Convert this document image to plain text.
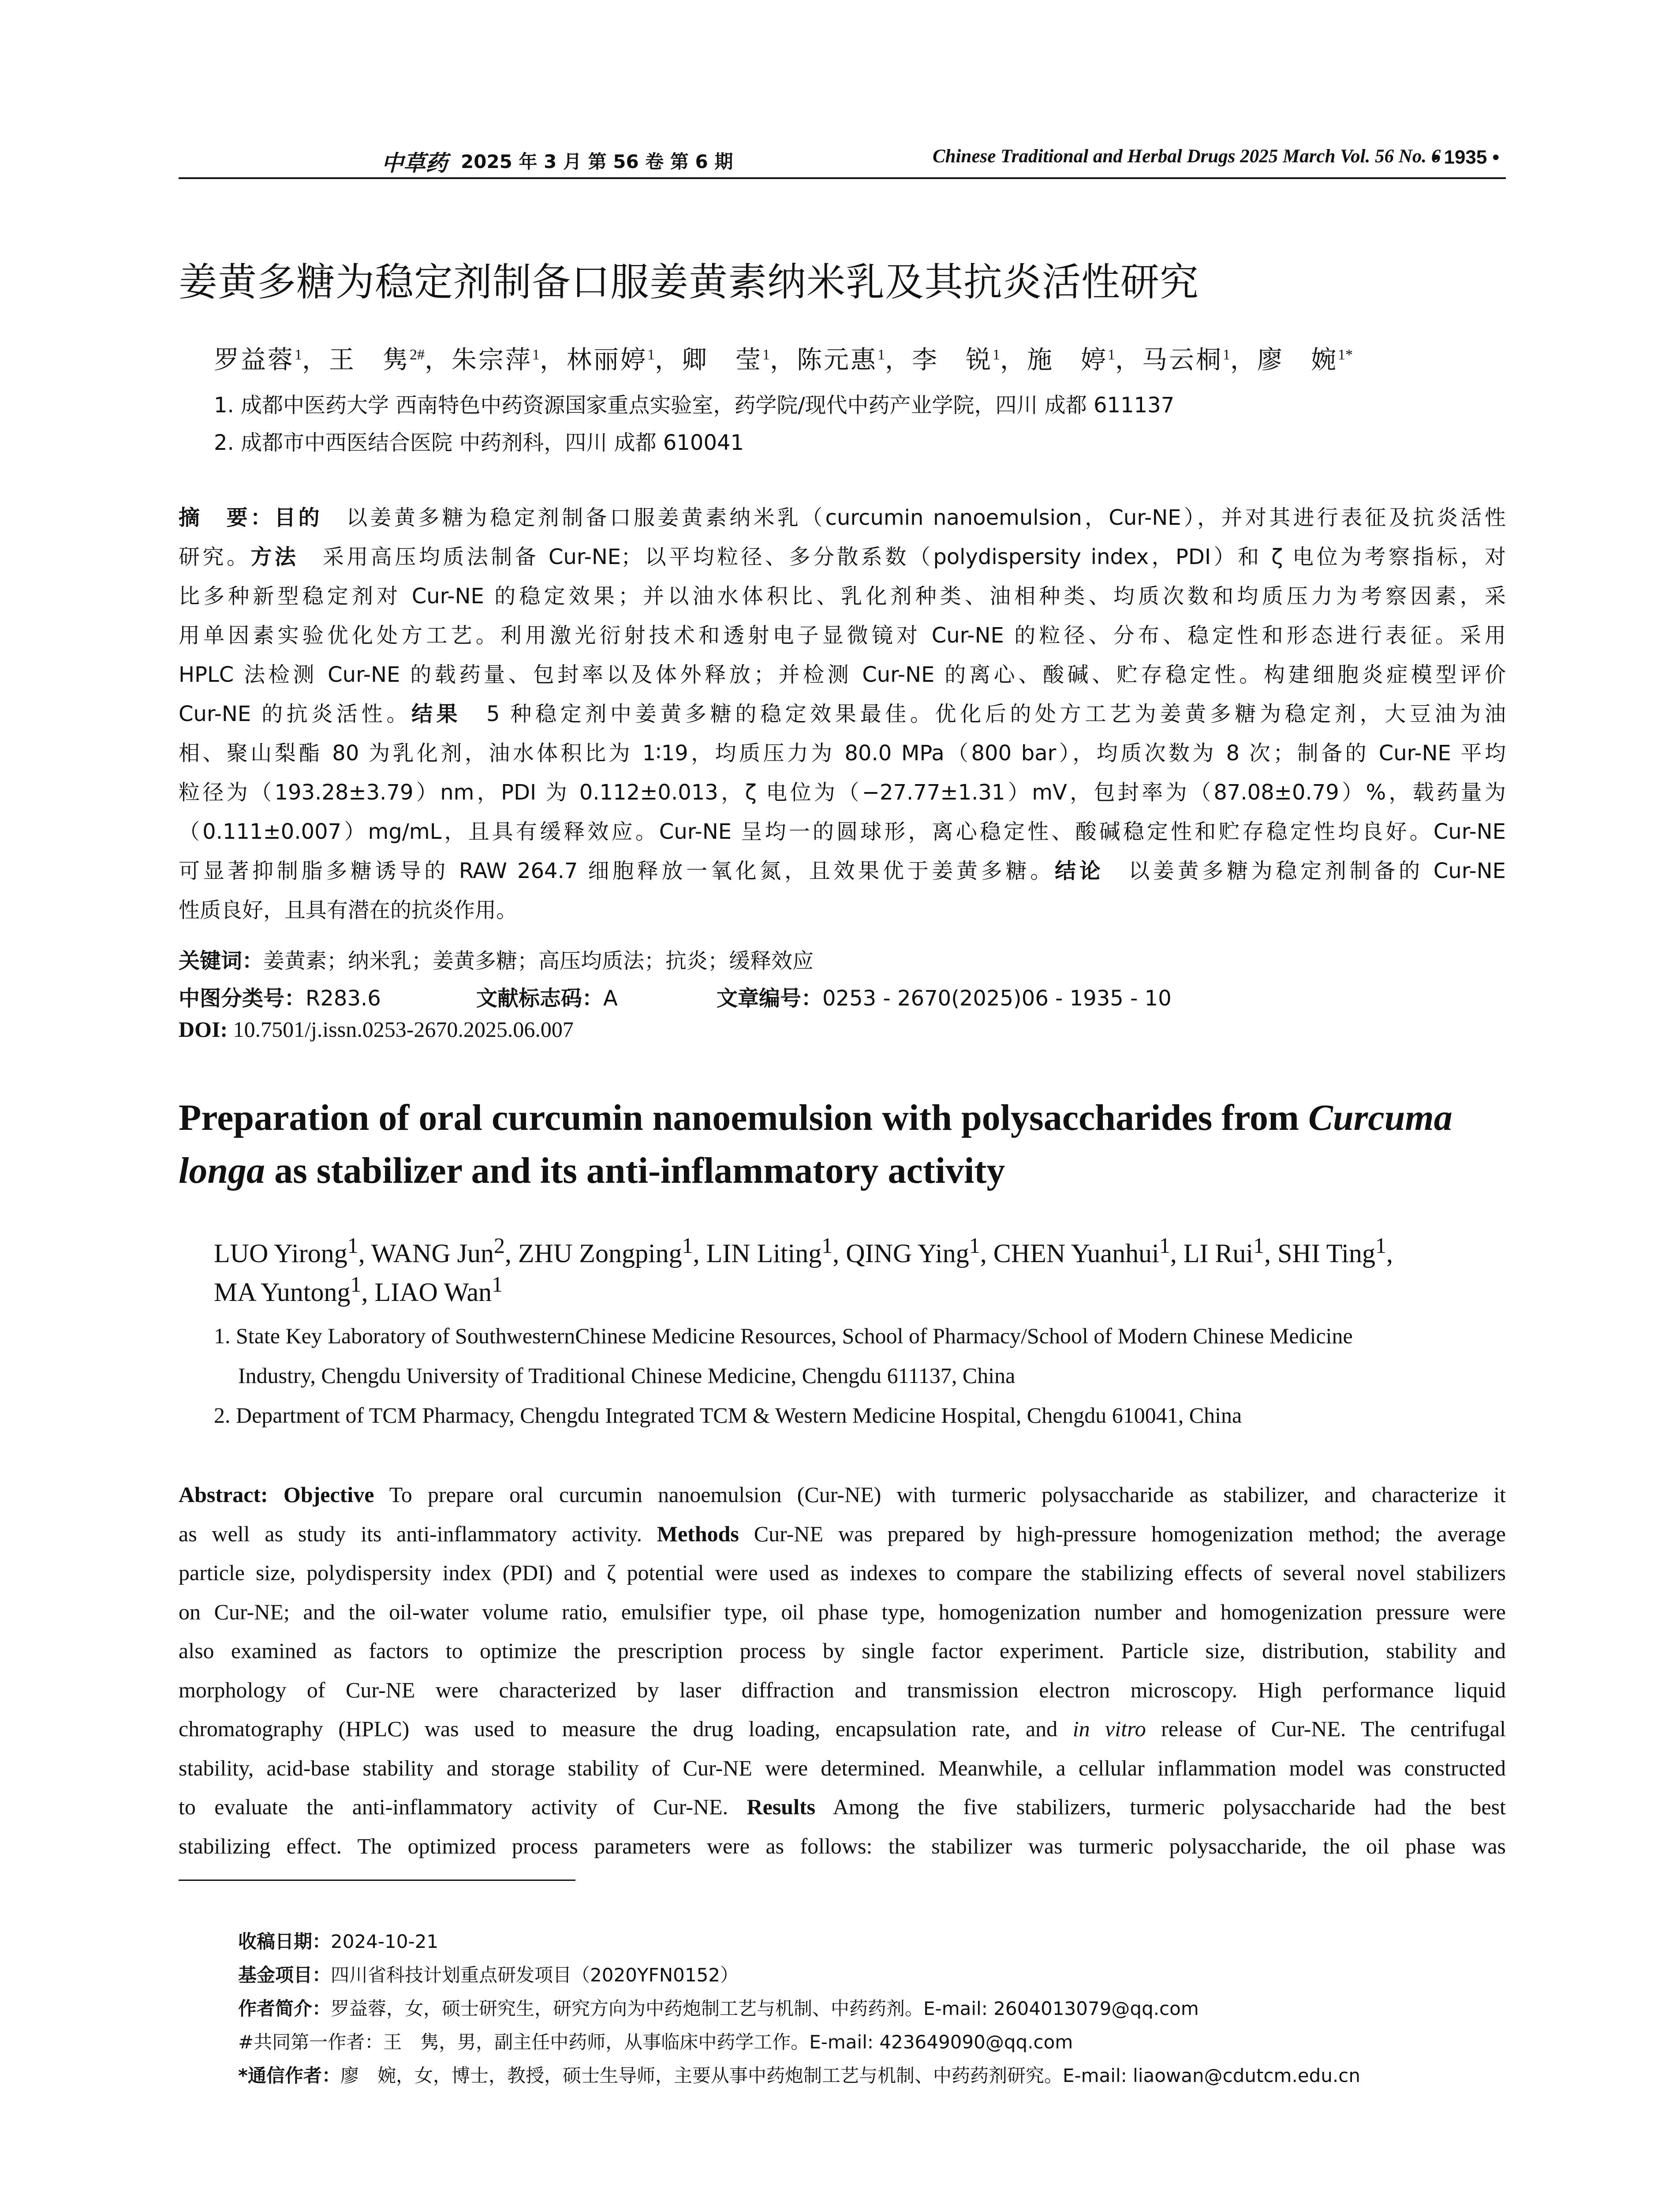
中草药 2025 年 3 月 第 56 卷 第 6 期	Chinese Traditional and Herbal Drugs 2025 March Vol. 56 No. 6
• 1935 •
姜黄多糖为稳定剂制备口服姜黄素纳米乳及其抗炎活性研究
罗益蓉$^1$，王　隽$^{2\#}$，朱宗萍$^1$，林丽婷$^1$，卿　莹$^1$，陈元惠$^1$，李　锐$^1$，施　婷$^1$，马云桐$^1$，廖　婉$^{1*}$
1. 成都中医药大学 西南特色中药资源国家重点实验室，药学院/现代中药产业学院，四川 成都 611137
2. 成都市中西医结合医院 中药剂科，四川 成都 610041
摘　要：目的　以姜黄多糖为稳定剂制备口服姜黄素纳米乳（curcumin nanoemulsion，Cur-NE），并对其进行表征及抗炎活性
研究。方法　采用高压均质法制备 Cur-NE；以平均粒径、多分散系数（polydispersity index，PDI）和 ζ 电位为考察指标，对
比多种新型稳定剂对 Cur-NE 的稳定效果；并以油水体积比、乳化剂种类、油相种类、均质次数和均质压力为考察因素，采
用单因素实验优化处方工艺。利用激光衍射技术和透射电子显微镜对 Cur-NE 的粒径、分布、稳定性和形态进行表征。采用
HPLC 法检测 Cur-NE 的载药量、包封率以及体外释放；并检测 Cur-NE 的离心、酸碱、贮存稳定性。构建细胞炎症模型评价
Cur-NE 的抗炎活性。结果　5 种稳定剂中姜黄多糖的稳定效果最佳。优化后的处方工艺为姜黄多糖为稳定剂，大豆油为油
相、聚山梨酯 80 为乳化剂，油水体积比为 1∶19，均质压力为 80.0 MPa（800 bar），均质次数为 8 次；制备的 Cur-NE 平均
粒径为（193.28±3.79）nm，PDI 为 0.112±0.013，ζ 电位为（−27.77±1.31）mV，包封率为（87.08±0.79）%，载药量为
（0.111±0.007）mg/mL，且具有缓释效应。Cur-NE 呈均一的圆球形，离心稳定性、酸碱稳定性和贮存稳定性均良好。Cur-NE
可显著抑制脂多糖诱导的 RAW 264.7 细胞释放一氧化氮，且效果优于姜黄多糖。结论　以姜黄多糖为稳定剂制备的 Cur-NE
性质良好，且具有潜在的抗炎作用。
关键词：姜黄素；纳米乳；姜黄多糖；高压均质法；抗炎；缓释效应
中图分类号：R283.6	文献标志码：A	文章编号：0253 - 2670(2025)06 - 1935 - 10
DOI: 10.7501/j.issn.0253-2670.2025.06.007
Preparation of oral curcumin nanoemulsion with polysaccharides from Curcuma
longa as stabilizer and its anti-inflammatory activity
LUO Yirong$^1$, WANG Jun$^2$, ZHU Zongping$^1$, LIN Liting$^1$, QING Ying$^1$, CHEN Yuanhui$^1$, LI Rui$^1$, SHI Ting$^1$,
MA Yuntong$^1$, LIAO Wan$^1$
1. State Key Laboratory of SouthwesternChinese Medicine Resources, School of Pharmacy/School of Modern Chinese Medicine
Industry, Chengdu University of Traditional Chinese Medicine, Chengdu 611137, China
2. Department of TCM Pharmacy, Chengdu Integrated TCM & Western Medicine Hospital, Chengdu 610041, China
Abstract: Objective To prepare oral curcumin nanoemulsion (Cur-NE) with turmeric polysaccharide as stabilizer, and characterize it
as well as study its anti-inflammatory activity. Methods Cur-NE was prepared by high-pressure homogenization method; the average
particle size, polydispersity index (PDI) and ζ potential were used as indexes to compare the stabilizing effects of several novel stabilizers
on Cur-NE; and the oil-water volume ratio, emulsifier type, oil phase type, homogenization number and homogenization pressure were
also examined as factors to optimize the prescription process by single factor experiment. Particle size, distribution, stability and
morphology of Cur-NE were characterized by laser diffraction and transmission electron microscopy. High performance liquid
chromatography (HPLC) was used to measure the drug loading, encapsulation rate, and in vitro release of Cur-NE. The centrifugal
stability, acid-base stability and storage stability of Cur-NE were determined. Meanwhile, a cellular inflammation model was constructed
to evaluate the anti-inflammatory activity of Cur-NE. Results Among the five stabilizers, turmeric polysaccharide had the best
stabilizing effect. The optimized process parameters were as follows: the stabilizer was turmeric polysaccharide, the oil phase was
收稿日期：2024-10-21
基金项目：四川省科技计划重点研发项目（2020YFN0152）
作者简介：罗益蓉，女，硕士研究生，研究方向为中药炮制工艺与机制、中药药剂。E-mail: 2604013079@qq.com
#共同第一作者：王　隽，男，副主任中药师，从事临床中药学工作。E-mail: 423649090@qq.com
*通信作者：廖　婉，女，博士，教授，硕士生导师，主要从事中药炮制工艺与机制、中药药剂研究。E-mail: liaowan@cdutcm.edu.cn
